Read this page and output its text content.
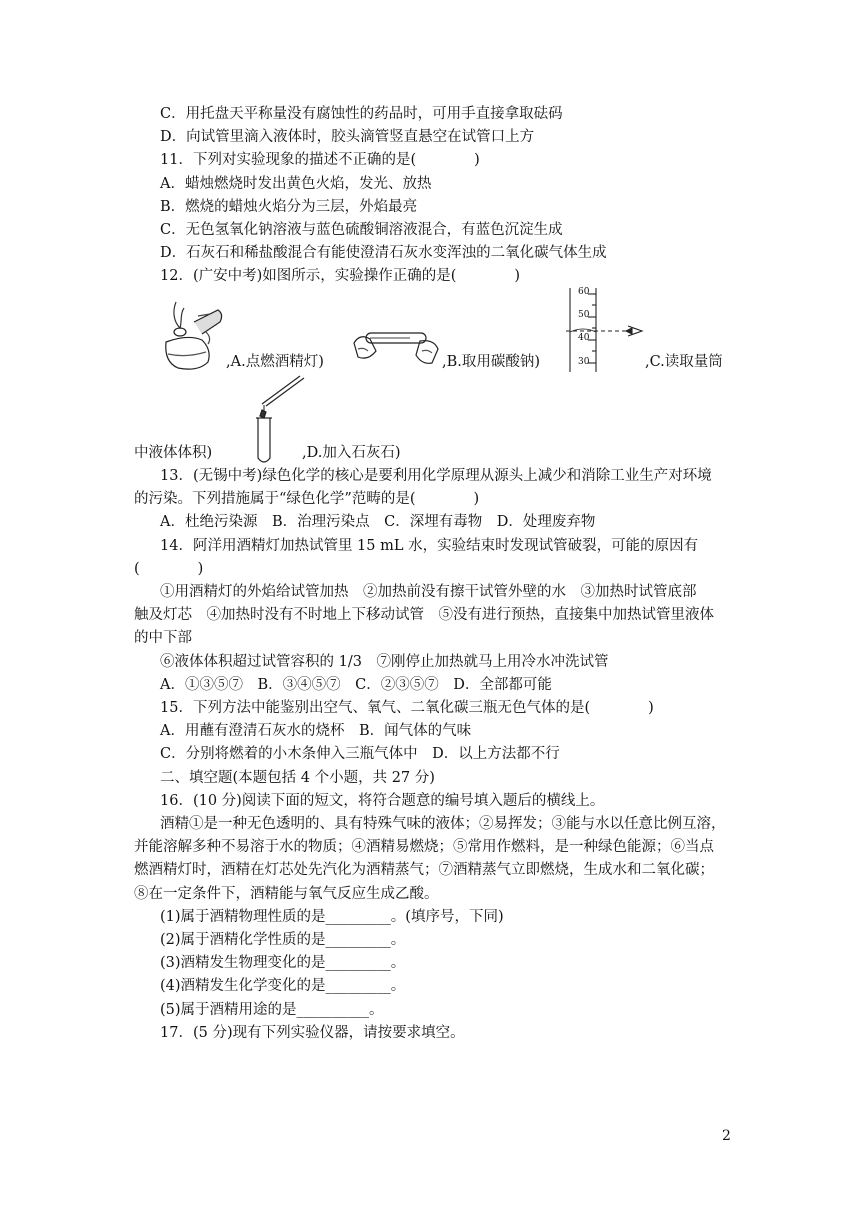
C．用托盘天平称量没有腐蚀性的药品时，可用手直接拿取砝码
D．向试管里滴入液体时，胶头滴管竖直悬空在试管口上方
11．下列对实验现象的描述不正确的是(　　　　)
A．蜡烛燃烧时发出黄色火焰，发光、放热
B．燃烧的蜡烛火焰分为三层，外焰最亮
C．无色氢氧化钠溶液与蓝色硫酸铜溶液混合，有蓝色沉淀生成
D．石灰石和稀盐酸混合有能使澄清石灰水变浑浊的二氧化碳气体生成
12．(广安中考)如图所示，实验操作正确的是(　　　　)
,A.点燃酒精灯)	,B.取用碳酸钠)
60
50
40
30	,C.读取量筒
中液体体积)	,D.加入石灰石)
13．(无锡中考)绿色化学的核心是要利用化学原理从源头上减少和消除工业生产对环境
的污染。下列措施属于“绿色化学”范畴的是(　　　　)
A．杜绝污染源　B．治理污染点　C．深埋有毒物　D．处理废弃物
14．阿洋用酒精灯加热试管里 15 mL 水，实验结束时发现试管破裂，可能的原因有
(　　　　)
①用酒精灯的外焰给试管加热　②加热前没有擦干试管外壁的水　③加热时试管底部
触及灯芯　④加热时没有不时地上下移动试管　⑤没有进行预热，直接集中加热试管里液体
的中下部
⑥液体体积超过试管容积的 1/3　⑦刚停止加热就马上用冷水冲洗试管
A．①③⑤⑦　B．③④⑤⑦　C．②③⑤⑦　D．全部都可能
15．下列方法中能鉴别出空气、氧气、二氧化碳三瓶无色气体的是(　　　　)
A．用蘸有澄清石灰水的烧杯　B．闻气体的气味
C．分别将燃着的小木条伸入三瓶气体中　D．以上方法都不行
二、填空题(本题包括 4 个小题，共 27 分)
16．(10 分)阅读下面的短文，将符合题意的编号填入题后的横线上。
酒精①是一种无色透明的、具有特殊气味的液体；②易挥发；③能与水以任意比例互溶，
并能溶解多种不易溶于水的物质；④酒精易燃烧；⑤常用作燃料，是一种绿色能源；⑥当点
燃酒精灯时，酒精在灯芯处先汽化为酒精蒸气；⑦酒精蒸气立即燃烧，生成水和二氧化碳；
⑧在一定条件下，酒精能与氧气反应生成乙酸。
(1)属于酒精物理性质的是_________。(填序号，下同)
(2)属于酒精化学性质的是_________。
(3)酒精发生物理变化的是_________。
(4)酒精发生化学变化的是_________。
(5)属于酒精用途的是__________。
17．(5 分)现有下列实验仪器，请按要求填空。
2
